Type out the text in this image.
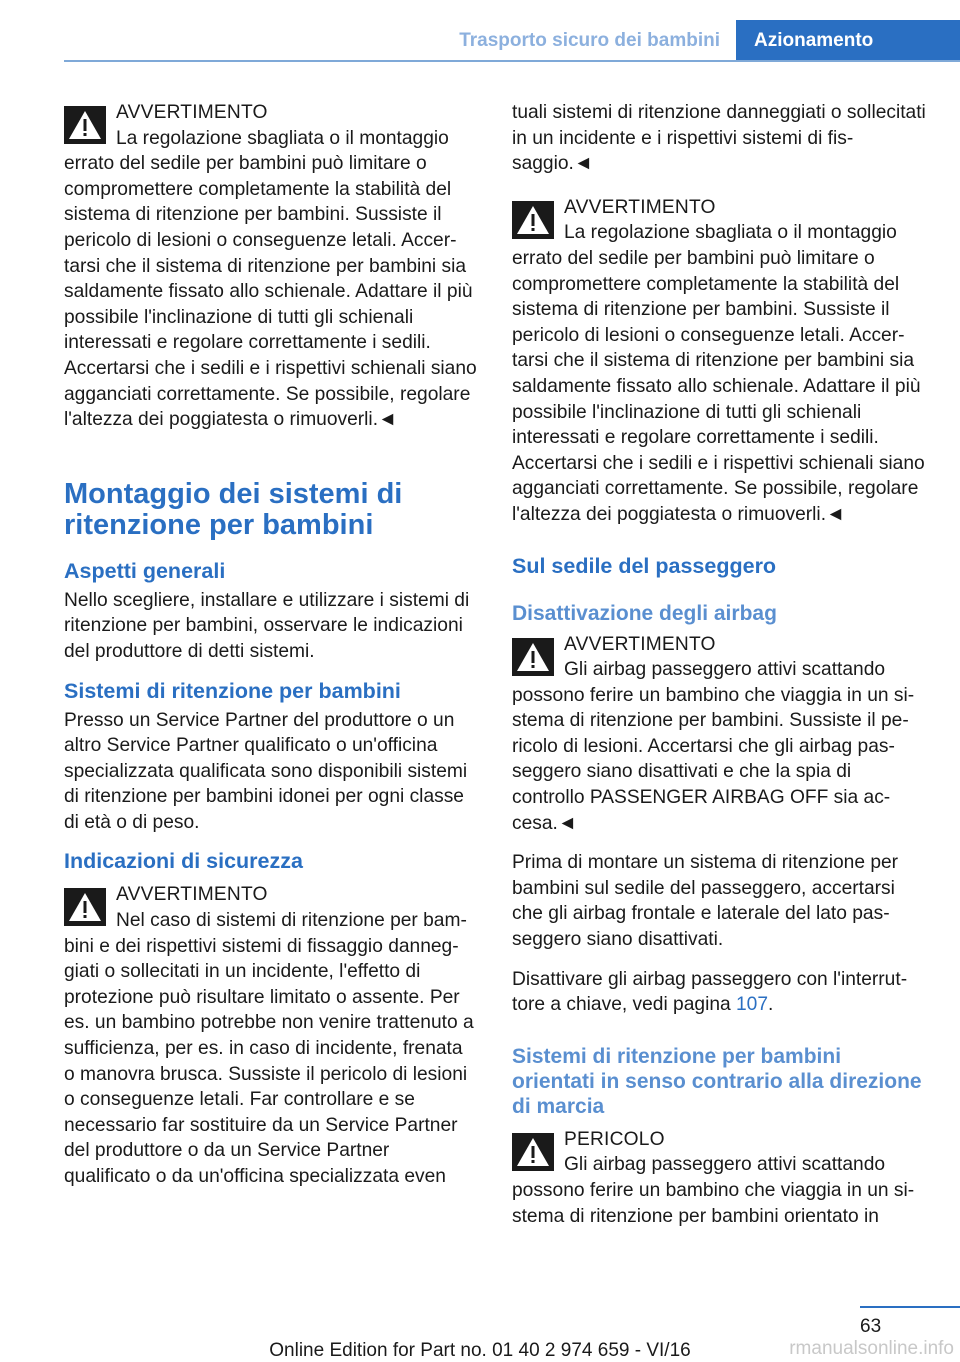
Trasporto sicuro dei bambini	Azionamento
AVVERTIMENTO
La regolazione sbagliata o il montaggio errato del sedile per bambini può limitare o compromettere completamente la stabilità del sistema di ritenzione per bambini. Sussiste il pericolo di lesioni o conseguenze letali. Accertarsi che il sistema di ritenzione per bambini sia saldamente fissato allo schienale. Adattare il più possibile l'inclinazione di tutti gli schienali interessati e regolare correttamente i sedili. Accertarsi che i sedili e i rispettivi schienali siano agganciati correttamente. Se possibile, regolare l'altezza dei poggiatesta o rimuoverli.◄
Montaggio dei sistemi di ritenzione per bambini
Aspetti generali

Nello scegliere, installare e utilizzare i sistemi di ritenzione per bambini, osservare le indicazioni del produttore di detti sistemi.

Sistemi di ritenzione per bambini

Presso un Service Partner del produttore o un altro Service Partner qualificato o un'officina specializzata qualificata sono disponibili sistemi di ritenzione per bambini idonei per ogni classe di età o di peso.

Indicazioni di sicurezza
AVVERTIMENTO
Nel caso di sistemi di ritenzione per bambini e dei rispettivi sistemi di fissaggio danneggiati o sollecitati in un incidente, l'effetto di protezione può risultare limitato o assente. Per es. un bambino potrebbe non venire trattenuto a sufficienza, per es. in caso di incidente, frenata o manovra brusca. Sussiste il pericolo di lesioni o conseguenze letali. Far controllare e se necessario far sostituire da un Service Partner del produttore o da un Service Partner qualificato o da un'officina specializzata even

tuali sistemi di ritenzione danneggiati o sollecitati in un incidente e i rispettivi sistemi di fissaggio.◄

AVVERTIMENTO
La regolazione sbagliata o il montaggio errato del sedile per bambini può limitare o compromettere completamente la stabilità del sistema di ritenzione per bambini. Sussiste il pericolo di lesioni o conseguenze letali. Accertarsi che il sistema di ritenzione per bambini sia saldamente fissato allo schienale. Adattare il più possibile l'inclinazione di tutti gli schienali interessati e regolare correttamente i sedili. Accertarsi che i sedili e i rispettivi schienali siano agganciati correttamente. Se possibile, regolare l'altezza dei poggiatesta o rimuoverli.◄
Sul sedile del passeggero
Disattivazione degli airbag
AVVERTIMENTO
Gli airbag passeggero attivi scattando possono ferire un bambino che viaggia in un sistema di ritenzione per bambini. Sussiste il pericolo di lesioni. Accertarsi che gli airbag passeggero siano disattivati e che la spia di controllo PASSENGER AIRBAG OFF sia accesa.◄

Prima di montare un sistema di ritenzione per bambini sul sedile del passeggero, accertarsi che gli airbag frontale e laterale del lato passeggero siano disattivati.

Disattivare gli airbag passeggero con l'interruttore a chiave, vedi pagina 107.

Sistemi di ritenzione per bambini orientati in senso contrario alla direzione di marcia
PERICOLO
Gli airbag passeggero attivi scattando possono ferire un bambino che viaggia in un sistema di ritenzione per bambini orientato in
63
Online Edition for Part no. 01 40 2 974 659 - VI/16	rmanualsonline.info
